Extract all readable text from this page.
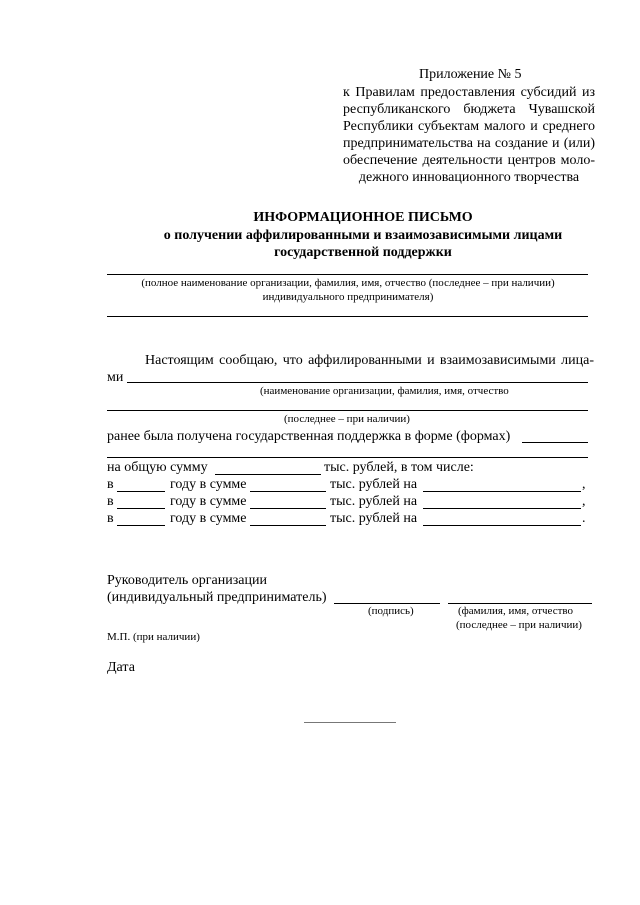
Приложение № 5
к Правилам предоставления субсидий из
республиканского бюджета Чувашской
Республики субъектам малого и среднего
предпринимательства на создание и (или)
обеспечение деятельности центров моло-
дежного инновационного творчества
ИНФОРМАЦИОННОЕ ПИСЬМО
о получении аффилированными и взаимозависимыми лицами
государственной поддержки
(полное наименование организации, фамилия, имя, отчество (последнее – при наличии)
индивидуального предпринимателя)
Настоящим сообщаю, что аффилированными и взаимозависимыми лица-
ми
(наименование организации, фамилия, имя, отчество
(последнее – при наличии)
ранее была получена государственная поддержка в форме (формах)
на общую сумму	тыс. рублей, в том числе:
в	году в сумме	тыс. рублей на	,
в	году в сумме	тыс. рублей на	,
в	году в сумме	тыс. рублей на	.
Руководитель организации
(индивидуальный предприниматель)
(подпись)	(фамилия, имя, отчество
(последнее – при наличии)
М.П. (при наличии)
Дата
